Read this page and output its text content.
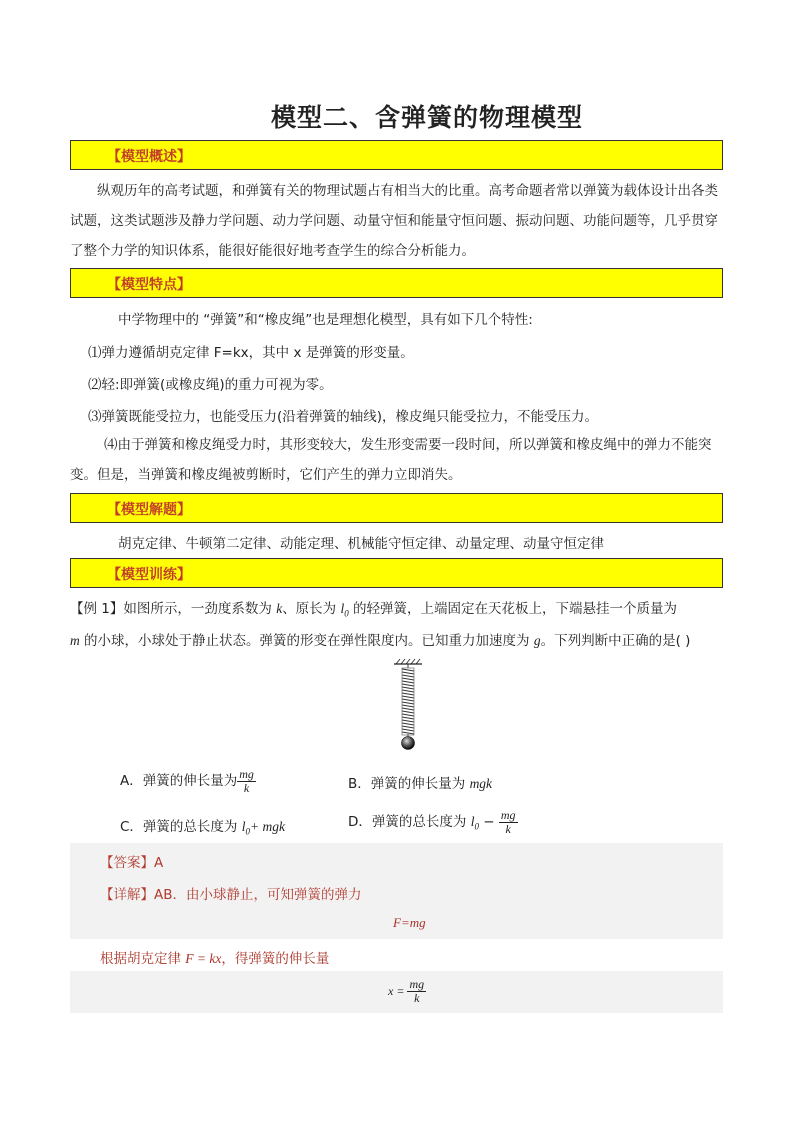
模型二、含弹簧的物理模型
【模型概述】
纵观历年的高考试题，和弹簧有关的物理试题占有相当大的比重。高考命题者常以弹簧为载体设计出各类试题，这类试题涉及静力学问题、动力学问题、动量守恒和能量守恒问题、振动问题、功能问题等，几乎贯穿了整个力学的知识体系，能很好能很好地考查学生的综合分析能力。
【模型特点】
中学物理中的 “弹簧”和“橡皮绳”也是理想化模型，具有如下几个特性:
⑴弹力遵循胡克定律 F=kx，其中 x 是弹簧的形变量。
⑵轻:即弹簧(或橡皮绳)的重力可视为零。
⑶弹簧既能受拉力，也能受压力(沿着弹簧的轴线)，橡皮绳只能受拉力，不能受压力。
⑷由于弹簧和橡皮绳受力时，其形变较大，发生形变需要一段时间，所以弹簧和橡皮绳中的弹力不能突变。但是，当弹簧和橡皮绳被剪断时，它们产生的弹力立即消失。
【模型解题】
胡克定律、牛顿第二定律、动能定理、机械能守恒定律、动量定理、动量守恒定律
【模型训练】
【例 1】如图所示，一劲度系数为 k、原长为 $l_0$ 的轻弹簧，上端固定在天花板上，下端悬挂一个质量为
m 的小球，小球处于静止状态。弹簧的形变在弹性限度内。已知重力加速度为 g。下列判断中正确的是( )
A．弹簧的伸长量为 $\frac{mg}{k}$	B．弹簧的伸长量为 mgk
C．弹簧的总长度为 $l_0+$ mgk	D．弹簧的总长度为 $l_0 - \frac{mg}{k}$
【答案】A
【详解】AB．由小球静止，可知弹簧的弹力
F=mg
根据胡克定律 F = kx，得弹簧的伸长量
$x = \frac{mg}{k}$
